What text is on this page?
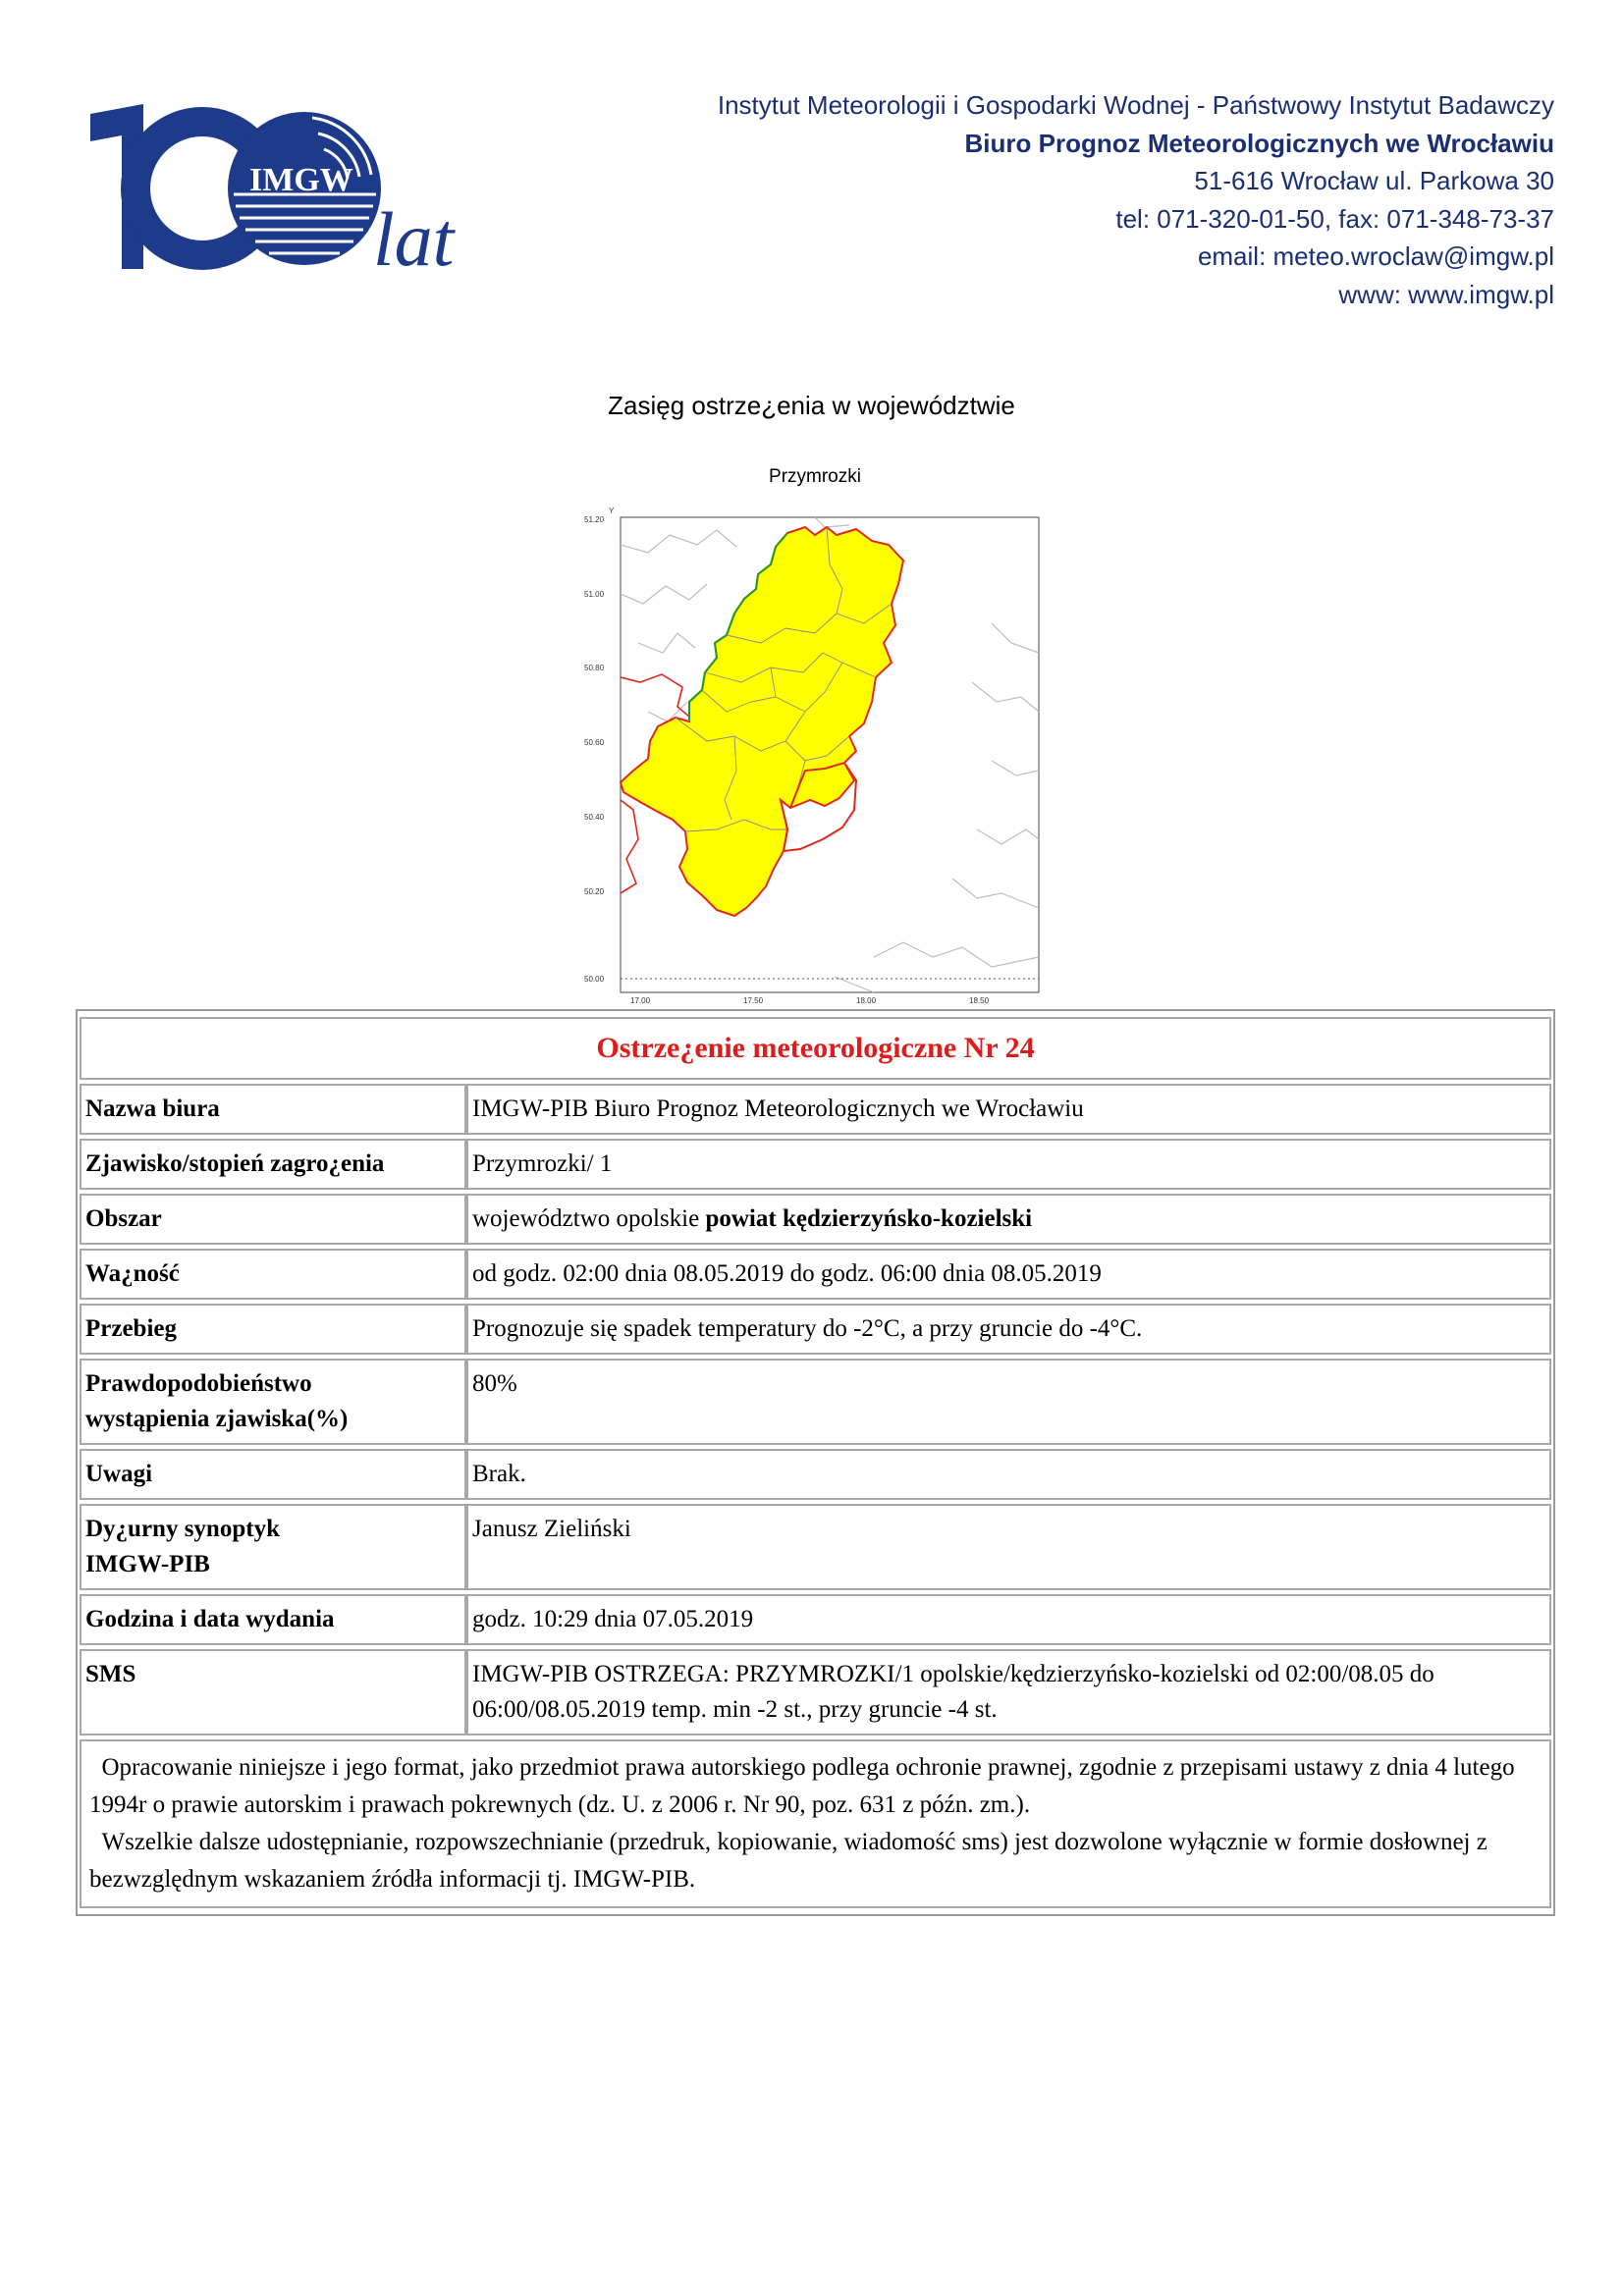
IMGW
lat
Instytut Meteorologii i Gospodarki Wodnej - Państwowy Instytut Badawczy
Biuro Prognoz Meteorologicznych we Wrocławiu
51-616 Wrocław ul. Parkowa 30
tel: 071-320-01-50, fax: 071-348-73-37
email: meteo.wroclaw@imgw.pl
www: www.imgw.pl
Zasięg ostrze¿enia w województwie
Przymrozki
Y
51.20
51.00
50.80
50.60
50.40
50.20
50.00
17.00	17.50	18.00	18.50
Ostrze¿enie meteorologiczne Nr 24	
Nazwa biura	IMGW-PIB Biuro Prognoz Meteorologicznych we Wrocławiu
Zjawisko/stopień zagro¿enia	Przymrozki/ 1
Obszar	województwo opolskie powiat kędzierzyńsko-kozielski
Wa¿ność	od godz. 02:00 dnia 08.05.2019 do godz. 06:00 dnia 08.05.2019
Przebieg	Prognozuje się spadek temperatury do -2°C, a przy gruncie do -4°C.

Prawdopodobieństwo
wystąpienia zjawiska(%)	80%
Uwagi	Brak.

Dy¿urny synoptyk
IMGW-PIB	Janusz Zieliński
Godzina i data wydania	godz. 10:29 dnia 07.05.2019
SMS	IMGW-PIB OSTRZEGA: PRZYMROZKI/1 opolskie/kędzierzyńsko-kozielski od 02:00/08.05 do 06:00/08.05.2019 temp. min -2 st., przy gruncie -4 st.

Opracowanie niniejsze i jego format, jako przedmiot prawa autorskiego podlega ochronie prawnej, zgodnie z przepisami ustawy z dnia 4 lutego 1994r o prawie autorskim i prawach pokrewnych (dz. U. z 2006 r. Nr 90, poz. 631 z późn. zm.).
Wszelkie dalsze udostępnianie, rozpowszechnianie (przedruk, kopiowanie, wiadomość sms) jest dozwolone wyłącznie w formie dosłownej z bezwzględnym wskazaniem źródła informacji tj. IMGW-PIB.	
